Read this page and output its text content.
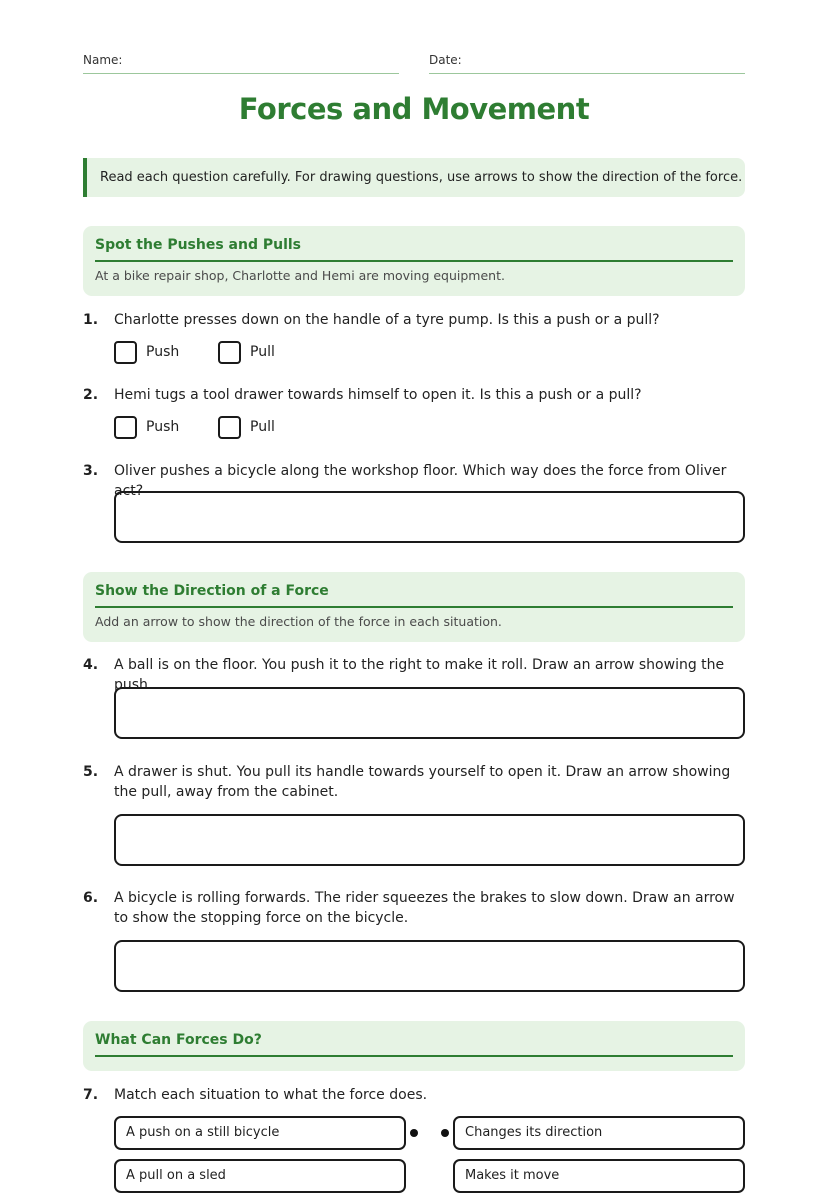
Name:	Date:
Forces and Movement
Read each question carefully. For drawing questions, use arrows to show the direction of the force.
Spot the Pushes and Pulls
At a bike repair shop, Charlotte and Hemi are moving equipment.
1. Charlotte presses down on the handle of a tyre pump. Is this a push or a pull?
Push	Pull
2. Hemi tugs a tool drawer towards himself to open it. Is this a push or a pull?
Push	Pull
3. Oliver pushes a bicycle along the workshop floor. Which way does the force from Oliver act?
Show the Direction of a Force
Add an arrow to show the direction of the force in each situation.
4. A ball is on the floor. You push it to the right to make it roll. Draw an arrow showing the push.
5. A drawer is shut. You pull its handle towards yourself to open it. Draw an arrow showing the pull, away from the cabinet.
6. A bicycle is rolling forwards. The rider squeezes the brakes to slow down. Draw an arrow to show the stopping force on the bicycle.
What Can Forces Do?
7. Match each situation to what the force does.
A push on a still bicycle	Changes its direction
A pull on a sled	Makes it move
